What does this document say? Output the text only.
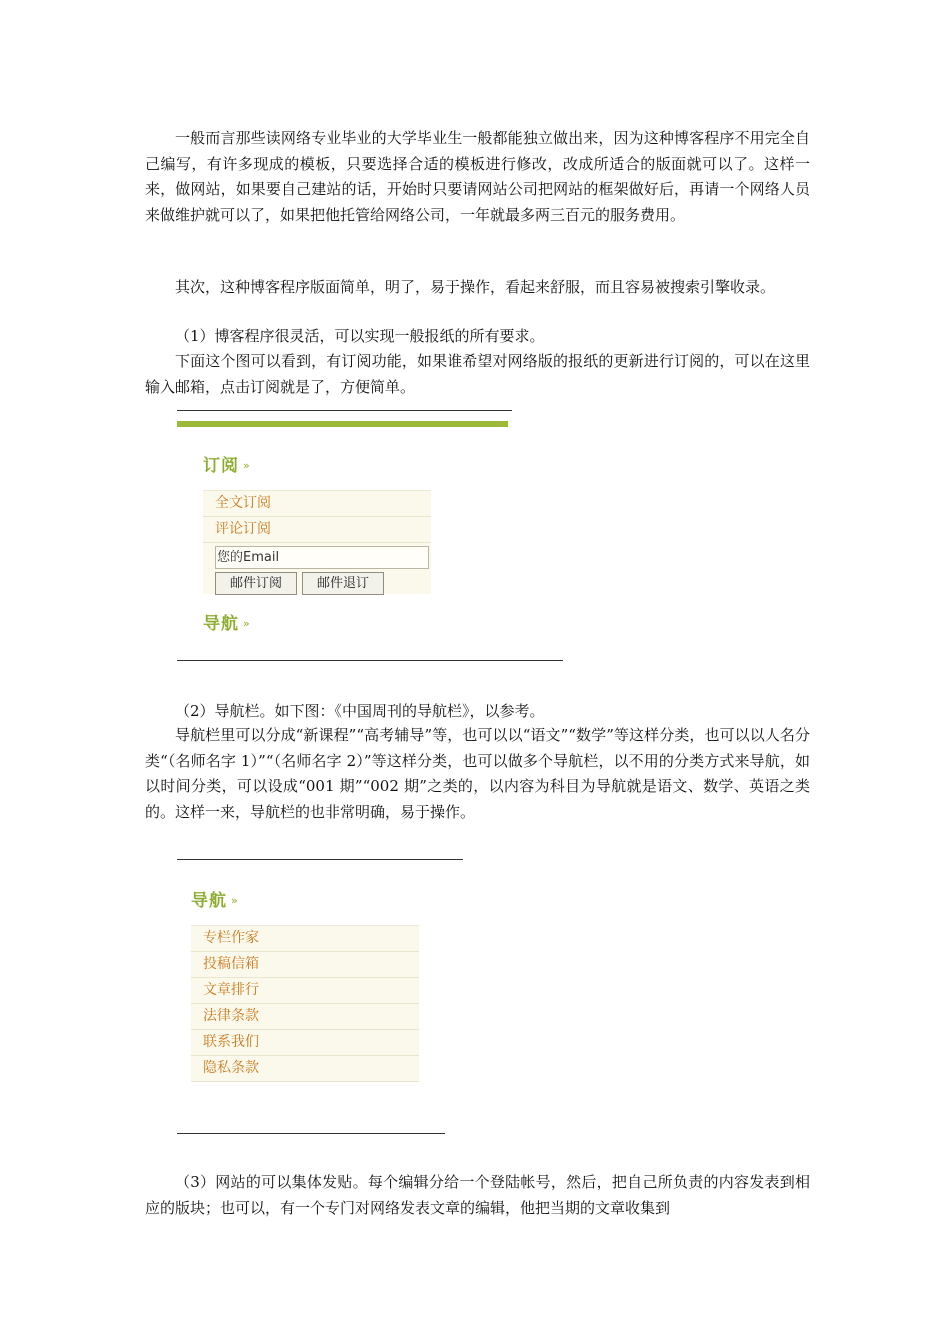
一般而言那些读网络专业毕业的大学毕业生一般都能独立做出来，因为这种博客程序不用完全自己编写，有许多现成的模板，只要选择合适的模板进行修改，改成所适合的版面就可以了。这样一来，做网站，如果要自己建站的话，开始时只要请网站公司把网站的框架做好后，再请一个网络人员来做维护就可以了，如果把他托管给网络公司，一年就最多两三百元的服务费用。

其次，这种博客程序版面简单，明了，易于操作，看起来舒服，而且容易被搜索引擎收录。

（1）博客程序很灵活，可以实现一般报纸的所有要求。

下面这个图可以看到，有订阅功能，如果谁希望对网络版的报纸的更新进行订阅的，可以在这里输入邮箱，点击订阅就是了，方便简单。

订阅 »
全文订阅
评论订阅
您的Email
邮件订阅	邮件退订
导航 »

（2）导航栏。如下图：《中国周刊的导航栏》，以参考。

导航栏里可以分成“新课程”“高考辅导”等，也可以以“语文”“数学”等这样分类，也可以以人名分类“（名师名字 1）”“（名师名字 2）”等这样分类，也可以做多个导航栏，以不用的分类方式来导航，如以时间分类，可以设成“001 期”“002 期”之类的，以内容为科目为导航就是语文、数学、英语之类的。这样一来，导航栏的也非常明确，易于操作。

导航 »
专栏作家
投稿信箱
文章排行
法律条款
联系我们
隐私条款

（3）网站的可以集体发贴。每个编辑分给一个登陆帐号，然后，把自己所负责的内容发表到相应的版块；也可以，有一个专门对网络发表文章的编辑，他把当期的文章收集到
